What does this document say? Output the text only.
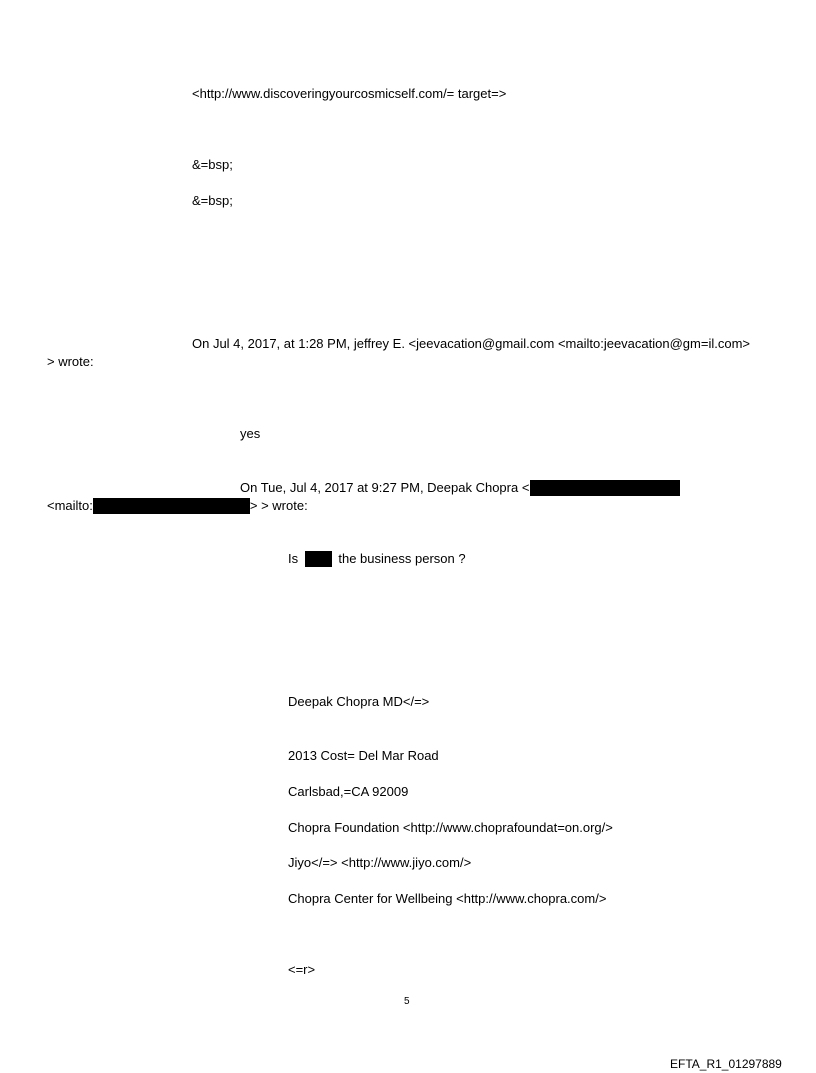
<http://www.discoveringyourcosmicself.com/= target=>
&=bsp;
&=bsp;
On Jul 4, 2017, at 1:28 PM, jeffrey E. <jeevacation@gmail.com <mailto:jeevacation@gm=il.com>
> wrote:
yes
On Tue, Jul 4, 2017 at 9:27 PM, Deepak Chopra <
<mailto:	> > wrote:
Is	the business person ?
Deepak Chopra MD</=>
2013 Cost= Del Mar Road
Carlsbad,=CA 92009
Chopra Foundation <http://www.choprafoundat=on.org/>
Jiyo</=> <http://www.jiyo.com/>
Chopra Center for Wellbeing <http://www.chopra.com/>
<=r>
5
EFTA_R1_01297889
